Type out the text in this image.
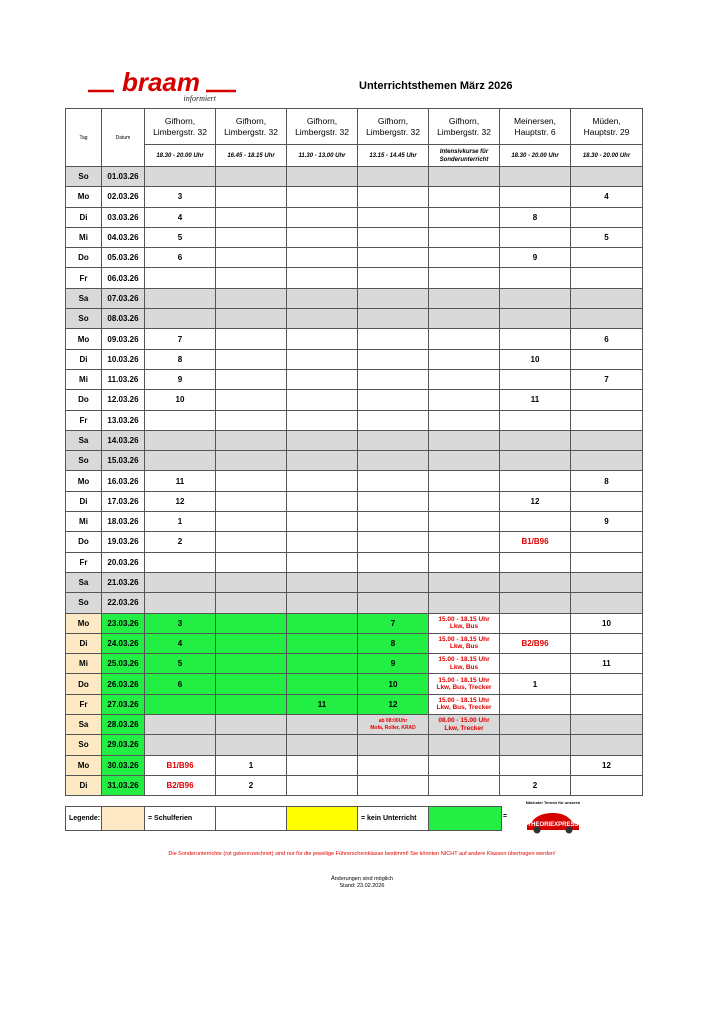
braam
informiert
Unterrichtsthemen März 2026
Tag	Datum	Gifhorn,
Limbergstr. 32	Gifhorn,
Limbergstr. 32	Gifhorn,
Limbergstr. 32	Gifhorn,
Limbergstr. 32	Gifhorn,
Limbergstr. 32	Meinersen,
Hauptstr. 6	Müden,
Hauptstr. 29
		18.30 - 20.00 Uhr	16.45 - 18.15 Uhr	11.30 - 13.00 Uhr	13.15 - 14.45 Uhr	Intensivkurse für
Sonderunterricht	18.30 - 20.00 Uhr	18.30 - 20.00 Uhr
So	01.03.26							
Mo	02.03.26	3						4
Di	03.03.26	4					8	
Mi	04.03.26	5						5
Do	05.03.26	6					9	
Fr	06.03.26							
Sa	07.03.26							
So	08.03.26							
Mo	09.03.26	7						6
Di	10.03.26	8					10	
Mi	11.03.26	9						7
Do	12.03.26	10					11	
Fr	13.03.26							
Sa	14.03.26							
So	15.03.26							
Mo	16.03.26	11						8
Di	17.03.26	12					12	
Mi	18.03.26	1						9
Do	19.03.26	2					B1/B96	
Fr	20.03.26							
Sa	21.03.26							
So	22.03.26							
Mo	23.03.26	3			7	15.00 - 18.15 Uhr
Lkw, Bus		10
Di	24.03.26	4			8	15.00 - 18.15 Uhr
Lkw, Bus	B2/B96	
Mi	25.03.26	5			9	15.00 - 18.15 Uhr
Lkw, Bus		11
Do	26.03.26	6			10	15.00 - 18.15 Uhr
Lkw, Bus, Trecker	1	
Fr	27.03.26			11	12	15.00 - 18.15 Uhr
Lkw, Bus, Trecker		
Sa	28.03.26				ab 08:00Uhr
Mofa, Roller, KRAD	08.00 - 15.00 Uhr
Lkw, Trecker		
So	29.03.26							
Mo	30.03.26	B1/B96	1					12
Di	31.03.26	B2/B96	2				2	
Legende:		= Schulferien			= kein Unterricht		=
Nächster Termin für unseren
THEORIEXPRESS
Die Sonderunterrichte (rot gekennzeichnet) sind nur für die jeweilige Führerscheinklasse bestimmt! Sie könnten NICHT auf andere Klassen übertragen werden!
Änderungen sind möglich
Stand: 23.02.2026
